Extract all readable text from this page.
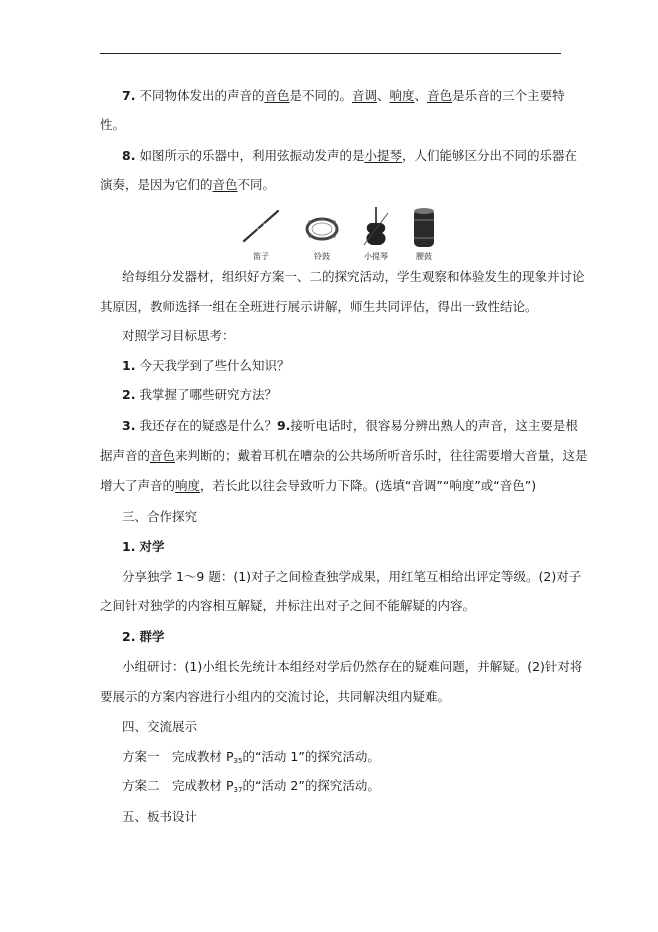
7. 不同物体发出的声音的音色是不同的。音调、响度、音色是乐音的三个主要特
性。
8. 如图所示的乐器中，利用弦振动发声的是小提琴，人们能够区分出不同的乐器在
演奏，是因为它们的音色不同。
笛子	铃鼓	小提琴	腰鼓
给每组分发器材，组织好方案一、二的探究活动，学生观察和体验发生的现象并讨论
其原因，教师选择一组在全班进行展示讲解，师生共同评估，得出一致性结论。
对照学习目标思考：
1. 今天我学到了些什么知识？
2. 我掌握了哪些研究方法？
3. 我还存在的疑惑是什么？9.接听电话时，很容易分辨出熟人的声音，这主要是根
据声音的音色来判断的；戴着耳机在嘈杂的公共场所听音乐时，往往需要增大音量，这是
增大了声音的响度，若长此以往会导致听力下降。(选填“音调”“响度”或“音色”)
三、合作探究
1. 对学
分享独学 1～9 题：(1)对子之间检查独学成果，用红笔互相给出评定等级。(2)对子
之间针对独学的内容相互解疑，并标注出对子之间不能解疑的内容。
2. 群学
小组研讨：(1)小组长先统计本组经对学后仍然存在的疑难问题，并解疑。(2)针对将
要展示的方案内容进行小组内的交流讨论，共同解决组内疑难。
四、交流展示
方案一　完成教材 $P_{35}$的“活动 1”的探究活动。
方案二　完成教材 $P_{37}$的“活动 2”的探究活动。
五、板书设计
